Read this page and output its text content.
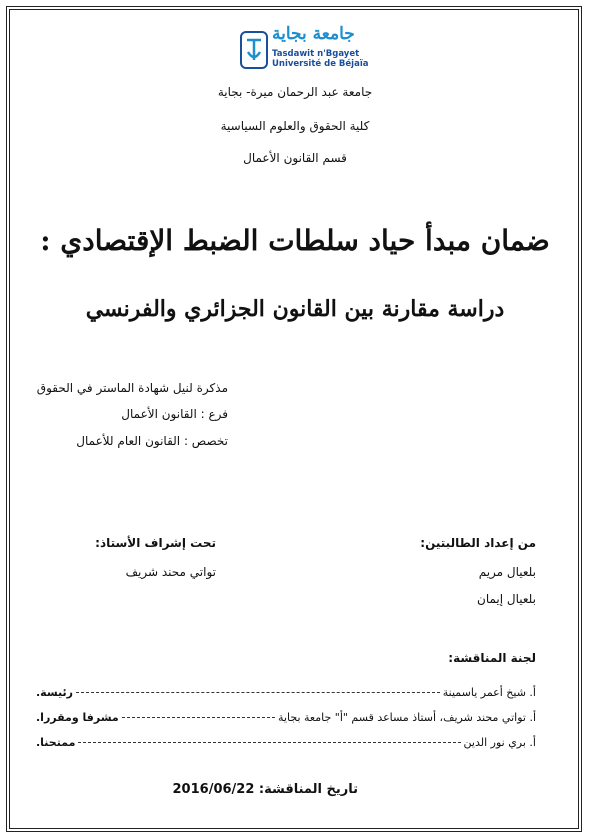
جامعة بجاية
Tasdawit n'Bgayet
Université de Béjaïa
جامعة عبد الرحمان ميرة- بجاية
كلية الحقوق والعلوم السياسية
قسم القانون الأعمال
ضمان مبدأ حياد سلطات الضبط الإقتصادي :
دراسة مقارنة بين القانون الجزائري والفرنسي
مذكرة لنيل شهادة الماستر في الحقوق
فرع : القانون الأعمال
تخصص : القانون العام للأعمال
من إعداد الطالبتين:
بلعيال مريم
بلعيال إيمان
تحت إشراف الأستاذ:
تواتي محند شريف
لجنة المناقشة:
أ. شيخ أعمر ياسمينة
رئيسة.
أ. تواتي محند شريف، أستاذ مساعد قسم "أ" جامعة بجاية
مشرفا ومقررا.
أ. بري نور الدين
ممتحنا.
تاريخ المناقشة: 2016/06/22
